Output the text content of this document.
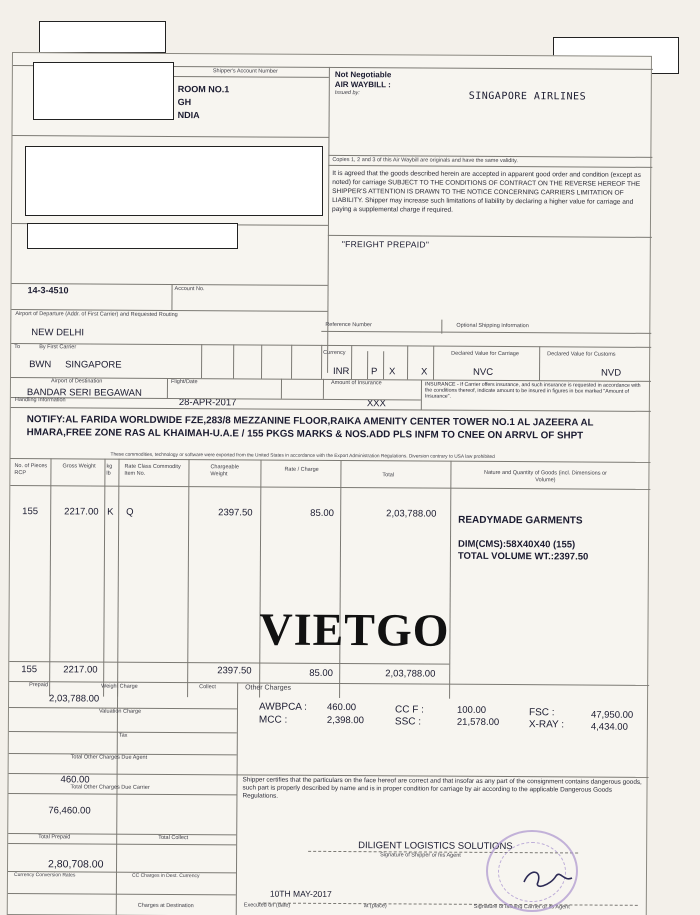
Shipper's Account Number
ROOM NO.1
GH
NDIA
Not Negotiable
AIR WAYBILL :
Issued by:	SINGAPORE AIRLINES
Copies 1, 2 and 3 of this Air Waybill are originals and have the same validity.
It is agreed that the goods described herein are accepted in apparent good order and condition (except as noted) for carriage SUBJECT TO THE CONDITIONS OF CONTRACT ON THE REVERSE HEREOF THE SHIPPER'S ATTENTION IS DRAWN TO THE NOTICE CONCERNING CARRIERS LIMITATION OF LIABILITY. Shipper may increase such limitations of liability by declaring a higher value for carriage and paying a supplemental charge if required.
"FREIGHT PREPAID"
14-3-4510	Account No.
Airport of Departure (Addr. of First Carrier) and Requested Routing
NEW DELHI
Reference Number	Optional Shipping Information
To	By First Carrier
BWN SINGAPORE
Currency
INR P X	X
Declared Value for Carriage
NVC
Declared Value for Customs
NVD
Airport of Destination	Flight/Date	Amount of Insurance	INSURANCE - If Carrier offers insurance, and such insurance is requested in accordance with the conditions thereof, indicate amount to be insured in figures in box marked "Amount of Insurance".
BANDAR SERI BEGAWAN
28-APR-2017	XXX
Handling Information
NOTIFY:AL FARIDA WORLDWIDE FZE,283/8 MEZZANINE FLOOR,RAIKA AMENITY CENTER TOWER NO.1 AL JAZEERA AL HMARA,FREE ZONE RAS AL KHAIMAH-U.A.E / 155 PKGS MARKS & NOS.ADD PLS INFM TO CNEE ON ARRVL OF SHPT
These commodities, technology or software were exported from the United States in accordance with the Export Administration Regulations. Diversion contrary to USA law prohibited
No. of Pieces RCP
Gross Weight	kg lb
Rate Class Commodity Item No.
Chargeable Weight
Rate / Charge
Total	Nature and Quantity of Goods (incl. Dimensions or Volume)
155	2217.00 K Q	2397.50	85.00	2,03,788.00
READYMADE GARMENTS
DIM(CMS):58X40X40 (155)
TOTAL VOLUME WT.:2397.50
VIETGO
155	2217.00	2397.50	85.00	2,03,788.00
Prepaid	Weight Charge	Collect	Other Charges
2,03,788.00
Valuation Charge
Tax
Total Other Charges Due Agent
460.00
Total Other Charges Due Carrier
76,460.00
Total Prepaid	Total Collect
2,80,708.00
Currency Conversion Rates	CC Charges in Dest. Currency
Charges at Destination
AWBPCA : 460.00
MCC :	2,398.00
CC F :	100.00
SSC :	21,578.00
FSC :	47,950.00
X-RAY :	4,434.00
Shipper certifies that the particulars on the face hereof are correct and that insofar as any part of the consignment contains dangerous goods, such part is properly described by name and is in proper condition for carriage by air according to the applicable Dangerous Goods Regulations.
DILIGENT LOGISTICS SOLUTIONS
Signature of Shipper or his Agent
10TH MAY-2017
Executed on (date)	at (place)	Signature of Issuing Carrier or its Agent
